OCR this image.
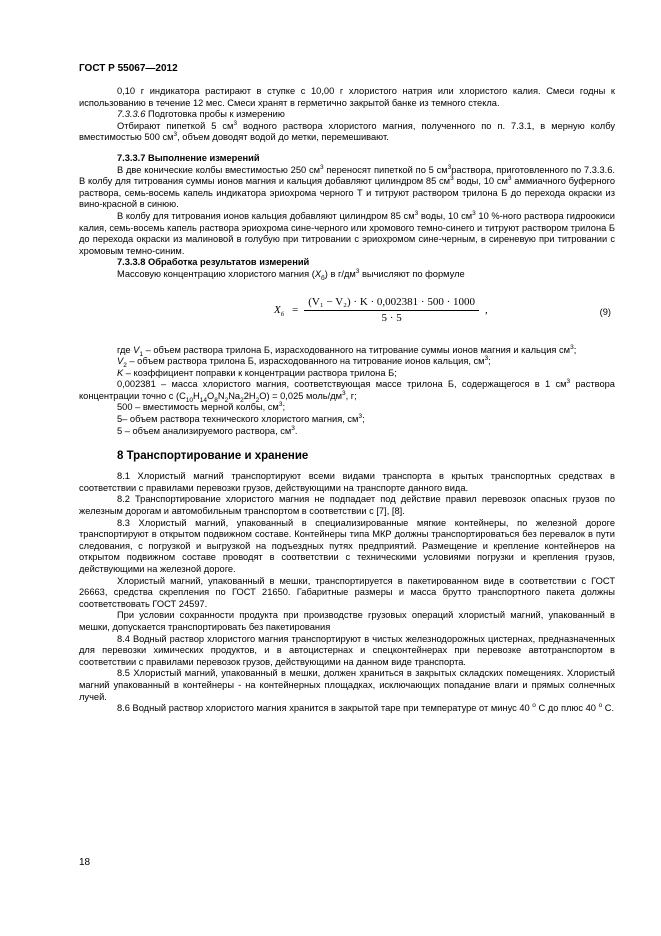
ГОСТ Р 55067—2012

0,10 г индикатора растирают в ступке с 10,00 г хлористого натрия или хлористого калия. Смеси годны к использованию в течение 12 мес. Смеси хранят в герметично закрытой банке из темного стекла.

7.3.3.6 Подготовка пробы к измерению

Отбирают пипеткой 5 $см^3$ водного раствора хлористого магния, полученного по п. 7.3.1, в мерную колбу вместимостью 500 $см^3$, объем доводят водой до метки, перемешивают.

7.3.3.7 Выполнение измерений

В две конические колбы вместимостью 250 $см^3$ переносят пипеткой по 5 $см^3раствора$, приготовленного по 7.3.3.6. В колбу для титрования суммы ионов магния и кальция добавляют цилиндром 85 $см^3$ воды, 10 $см^3$ аммиачного буферного раствора, семь-восемь капель индикатора эриохрома черного Т и титруют раствором трилона Б до перехода окраски из вино-красной в синюю.

В колбу для титрования ионов кальция добавляют цилиндром 85 $см^3$ воды, 10 $см^3$ 10 %-ного раствора гидроокиси калия, семь-восемь капель раствора эриохрома сине-черного или хромового темно-синего и титруют раствором трилона Б до перехода окраски из малиновой в голубую при титровании с эриохромом сине-черным, в сиреневую при титровании с хромовым темно-синим.

7.3.3.8 Обработка результатов измерений

Массовую концентрацию хлористого магния $(X_б)$ в $г/дм^3$ вычисляют по формуле

$X_б = \frac{\text{(V₁ − V₂) · K · 0,002381 · 500 · 1000}}{5 \cdot 5}$ ,	(9)

где $V_1$ – объем раствора трилона Б, израсходованного на титрование суммы ионов магния и кальция $см^3$;

$V_2$ – объем раствора трилона Б, израсходованного на титрование ионов кальция, $см^3$;

K – коэффициент поправки к концентрации раствора трилона Б;

0,002381 – масса хлористого магния, соответствующая массе трилона Б, содержащегося в 1 $см^3$ раствора концентрации точно с $(C_{10}H_{14}O_8N_2Na_22H_2O) = 0,025$ моль/$дм^3$, г;

500 – вместимость мерной колбы, $см^3$;

5– объем раствора технического хлористого магния, $см^3$;

5 – объем анализируемого раствора, $см^3$.

8 Транспортирование и хранение

8.1 Хлористый магний транспортируют всеми видами транспорта в крытых транспортных средствах в соответствии с правилами перевозки грузов, действующими на транспорте данного вида.

8.2 Транспортирование хлористого магния не подпадает под действие правил перевозок опасных грузов по железным дорогам и автомобильным транспортом в соответствии с [7], [8].

8.3 Хлористый магний, упакованный в специализированные мягкие контейнеры, по железной дороге транспортируют в открытом подвижном составе. Контейнеры типа МКР должны транспортироваться без перевалок в пути следования, с погрузкой и выгрузкой на подъездных путях предприятий. Размещение и крепление контейнеров на открытом подвижном составе проводят в соответствии с техническими условиями погрузки и крепления грузов, действующими на железной дороге.

Хлористый магний, упакованный в мешки, транспортируется в пакетированном виде в соответствии с ГОСТ 26663, средства скрепления по ГОСТ 21650. Габаритные размеры и масса брутто транспортного пакета должны соответствовать ГОСТ 24597.

При условии сохранности продукта при производстве грузовых операций хлористый магний, упакованный в мешки, допускается транспортировать без пакетирования

8.4 Водный раствор хлористого магния транспортируют в чистых железнодорожных цистернах, предназначенных для перевозки химических продуктов, и в автоцистернах и спецконтейнерах при перевозке автотранспортом в соответствии с правилами перевозок грузов, действующими на данном виде транспорта.

8.5 Хлористый магний, упакованный в мешки, должен храниться в закрытых складских помещениях. Хлористый магний упакованный в контейнеры - на контейнерных площадках, исключающих попадание влаги и прямых солнечных лучей.

8.6 Водный раствор хлористого магния хранится в закрытой таре при температуре от минус 40 $^о$ С до плюс 40 $^о$ С.

18
